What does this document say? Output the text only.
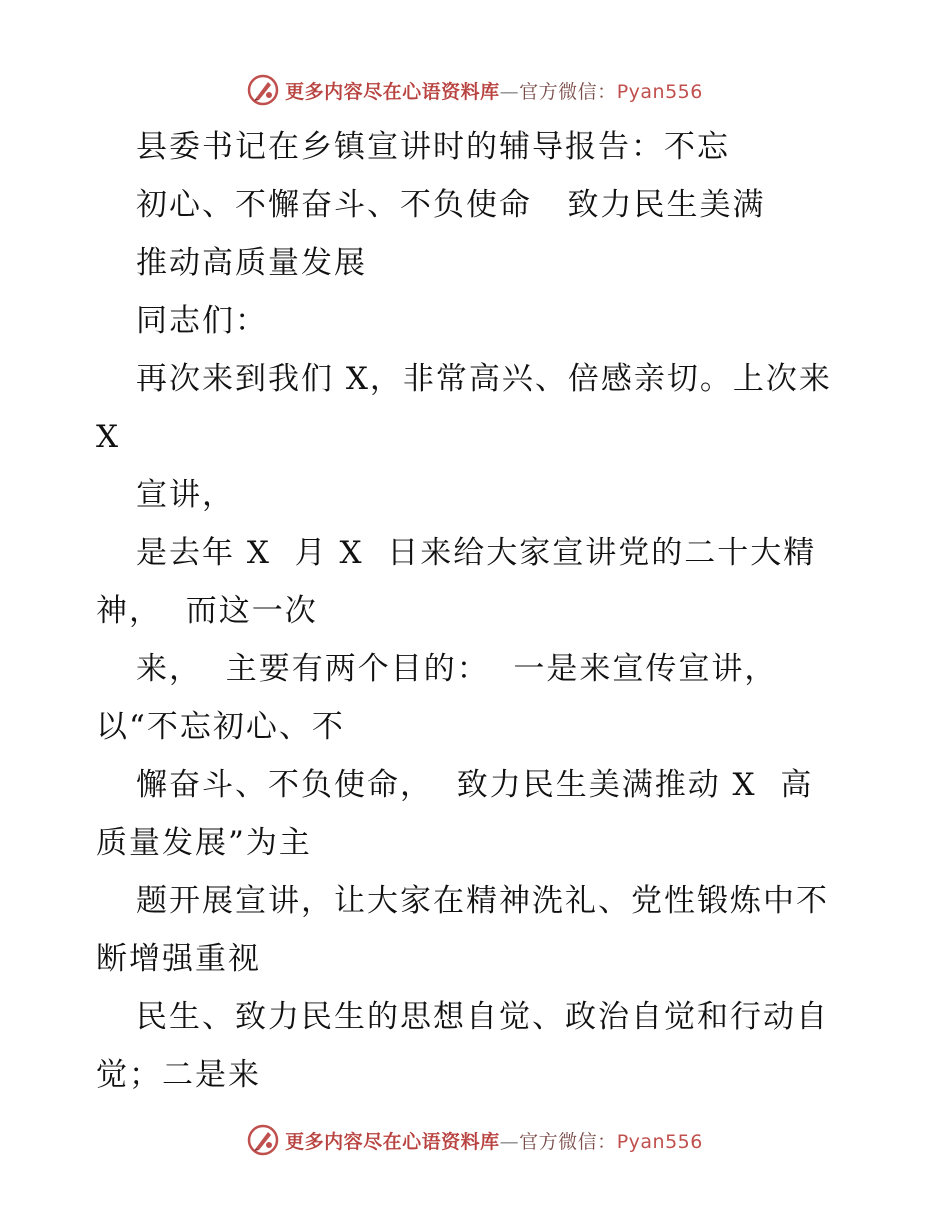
更多内容尽在心语资料库—官方微信：Pyan556
县委书记在乡镇宣讲时的辅导报告：不忘
初心、不懈奋斗、不负使命   致力民生美满
推动高质量发展
同志们：
再次来到我们 X，非常高兴、倍感亲切。上次来
X
宣讲，
是去年 X  月 X  日来给大家宣讲党的二十大精
神，  而这一次
来，  主要有两个目的：  一是来宣传宣讲，
以“不忘初心、不
懈奋斗、不负使命，  致力民生美满推动 X  高
质量发展”为主
题开展宣讲，让大家在精神洗礼、党性锻炼中不
断增强重视
民生、致力民生的思想自觉、政治自觉和行动自
觉；二是来
更多内容尽在心语资料库—官方微信：Pyan556
